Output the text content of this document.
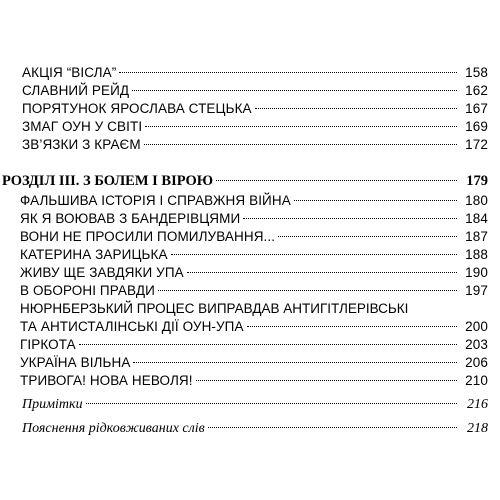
АКЦІЯ “ВІСЛА”	158
СЛАВНИЙ РЕЙД	162
ПОРЯТУНОК ЯРОСЛАВА СТЕЦЬКА	167
ЗМАГ ОУН У СВІТІ	169
ЗВ’ЯЗКИ З КРАЄМ	172
РОЗДІЛ ІІІ. З БОЛЕМ І ВІРОЮ	179
ФАЛЬШИВА ІСТОРІЯ І СПРАВЖНЯ ВІЙНА	180
ЯК Я ВОЮВАВ З БАНДЕРІВЦЯМИ	184
ВОНИ НЕ ПРОСИЛИ ПОМИЛУВАННЯ...	187
КАТЕРИНА ЗАРИЦЬКА	188
ЖИВУ ЩЕ ЗАВДЯКИ УПА	190
В ОБОРОНІ ПРАВДИ	197
НЮРНБЕРЗЬКИЙ ПРОЦЕС ВИПРАВДАВ АНТИГІТЛЕРІВСЬКІ
ТА АНТИСТАЛІНСЬКІ ДІЇ ОУН-УПА	200
ГІРКОТА	203
УКРАЇНА ВІЛЬНА	206
ТРИВОГА! НОВА НЕВОЛЯ!	210
Примітки	216
Пояснення рідковживаних слів	218
